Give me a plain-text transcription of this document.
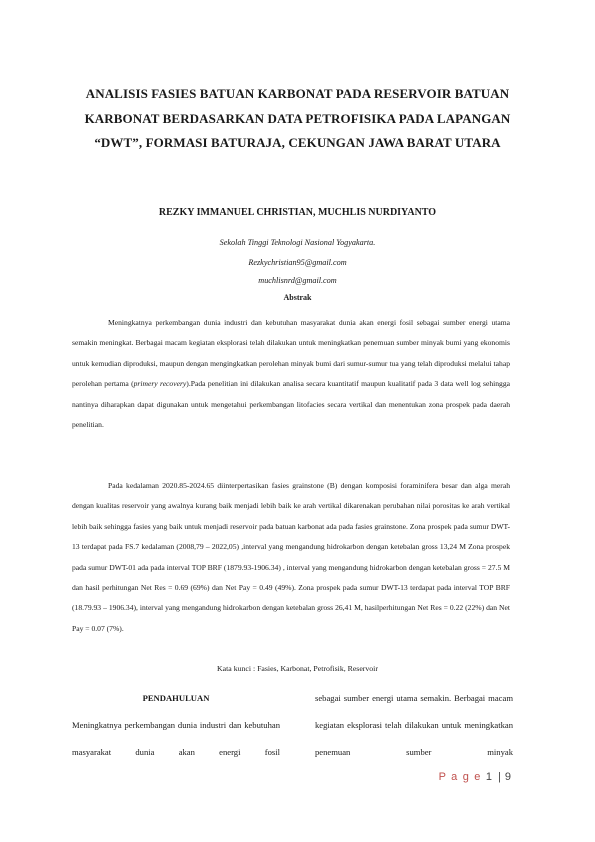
ANALISIS FASIES BATUAN KARBONAT PADA RESERVOIR BATUAN KARBONAT BERDASARKAN DATA PETROFISIKA PADA LAPANGAN “DWT”, FORMASI BATURAJA, CEKUNGAN JAWA BARAT UTARA
REZKY IMMANUEL CHRISTIAN, MUCHLIS NURDIYANTO
Sekolah Tinggi Teknologi Nasional Yogyakarta.
Rezkychristian95@gmail.com
muchlisnrd@gmail.com
Abstrak

Meningkatnya perkembangan dunia industri dan kebutuhan masyarakat dunia akan energi fosil sebagai sumber energi utama semakin meningkat. Berbagai macam kegiatan eksplorasi telah dilakukan untuk meningkatkan penemuan sumber minyak bumi yang ekonomis untuk kemudian diproduksi, maupun dengan mengingkatkan perolehan minyak bumi dari sumur-sumur tua yang telah diproduksi melalui tahap perolehan pertama (primery recovery).Pada penelitian ini dilakukan analisa secara kuantitatif maupun kualitatif pada 3 data well log sehingga nantinya diharapkan dapat digunakan untuk mengetahui perkembangan litofacies secara vertikal dan menentukan zona prospek pada daerah penelitian.

Pada kedalaman 2020.85-2024.65 diinterpertasikan fasies grainstone (B) dengan komposisi foraminifera besar dan alga merah dengan kualitas reservoir yang awalnya kurang baik menjadi lebih baik ke arah vertikal dikarenakan perubahan nilai porositas ke arah vertikal lebih baik sehingga fasies yang baik untuk menjadi reservoir pada batuan karbonat ada pada fasies grainstone. Zona prospek pada sumur DWT-13 terdapat pada FS.7 kedalaman (2008,79 – 2022,05) ,interval yang mengandung hidrokarbon dengan ketebalan gross 13,24 M Zona prospek pada sumur DWT-01 ada pada interval TOP BRF (1879.93-1906.34) , interval yang mengandung hidrokarbon dengan ketebalan gross = 27.5 M dan hasil perhitungan Net Res = 0.69 (69%) dan Net Pay = 0.49 (49%). Zona prospek pada sumur DWT-13 terdapat pada interval TOP BRF (18.79.93 – 1906.34), interval yang mengandung hidrokarbon dengan ketebalan gross 26,41 M, hasilperhitungan Net Res = 0.22 (22%) dan Net Pay = 0.07 (7%).

Kata kunci : Fasies, Karbonat, Petrofisik, Reservoir
PENDAHULUAN

Meningkatnya perkembangan dunia industri dan kebutuhan masyarakat dunia akan energi fosil

sebagai sumber energi utama semakin. Berbagai macam kegiatan eksplorasi telah dilakukan untuk meningkatkan penemuan sumber minyak

P a g e 1 | 9
